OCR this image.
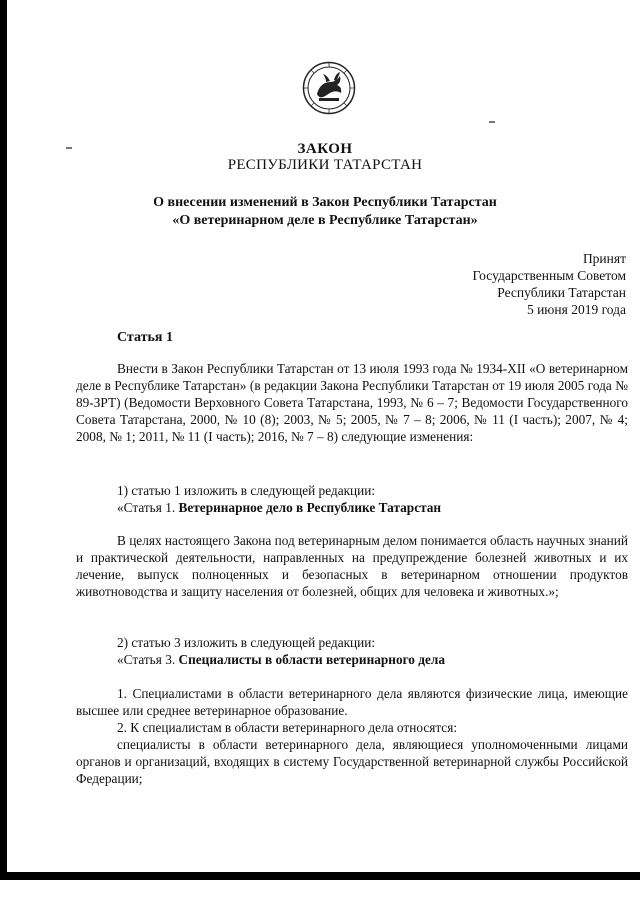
ЗАКОН
РЕСПУБЛИКИ ТАТАРСТАН
О внесении изменений в Закон Республики Татарстан
«О ветеринарном деле в Республике Татарстан»
Принят
Государственным Советом
Республики Татарстан
5 июня 2019 года
Статья 1
Внести в Закон Республики Татарстан от 13 июля 1993 года № 1934-XII «О ветеринарном деле в Республике Татарстан» (в редакции Закона Республики Татарстан от 19 июля 2005 года № 89-ЗРТ) (Ведомости Верховного Совета Татарстана, 1993, № 6 – 7; Ведомости Государственного Совета Татарстана, 2000, № 10 (8); 2003, № 5; 2005, № 7 – 8; 2006, № 11 (I часть); 2007, № 4; 2008, № 1; 2011, № 11 (I часть); 2016, № 7 – 8) следующие изменения:
1) статью 1 изложить в следующей редакции:
«Статья 1. Ветеринарное дело в Республике Татарстан
В целях настоящего Закона под ветеринарным делом понимается область научных знаний и практической деятельности, направленных на предупреждение болезней животных и их лечение, выпуск полноценных и безопасных в ветеринарном отношении продуктов животноводства и защиту населения от болезней, общих для человека и животных.»;
2) статью 3 изложить в следующей редакции:
«Статья 3. Специалисты в области ветеринарного дела
1. Специалистами в области ветеринарного дела являются физические лица, имеющие высшее или среднее ветеринарное образование.
2. К специалистам в области ветеринарного дела относятся:
специалисты в области ветеринарного дела, являющиеся уполномоченными лицами органов и организаций, входящих в систему Государственной ветеринарной службы Российской Федерации;
